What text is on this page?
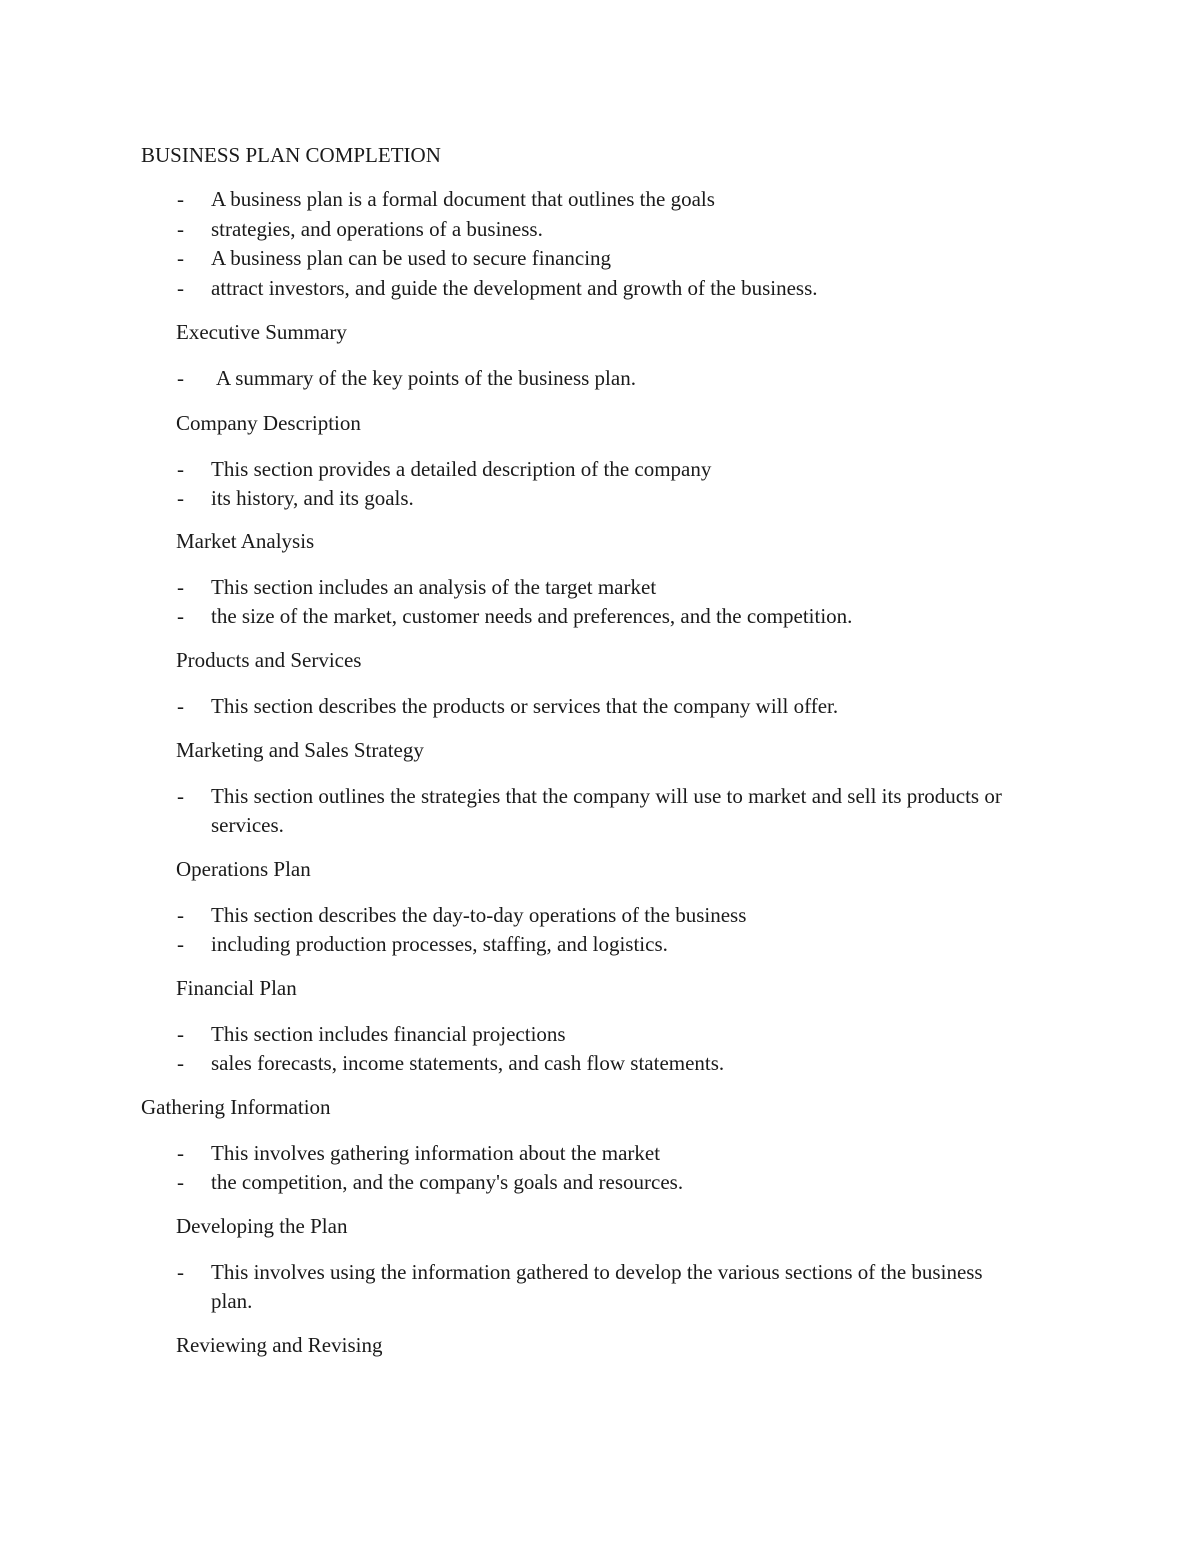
BUSINESS PLAN COMPLETION
- A business plan is a formal document that outlines the goals
- strategies, and operations of a business.
- A business plan can be used to secure financing
- attract investors, and guide the development and growth of the business.
Executive Summary
- A summary of the key points of the business plan.
Company Description
- This section provides a detailed description of the company
- its history, and its goals.
Market Analysis
- This section includes an analysis of the target market
- the size of the market, customer needs and preferences, and the competition.
Products and Services
- This section describes the products or services that the company will offer.
Marketing and Sales Strategy
- This section outlines the strategies that the company will use to market and sell its products or services.
Operations Plan
- This section describes the day-to-day operations of the business
- including production processes, staffing, and logistics.
Financial Plan
- This section includes financial projections
- sales forecasts, income statements, and cash flow statements.
Gathering Information
- This involves gathering information about the market
- the competition, and the company's goals and resources.
Developing the Plan
- This involves using the information gathered to develop the various sections of the business plan.
Reviewing and Revising
